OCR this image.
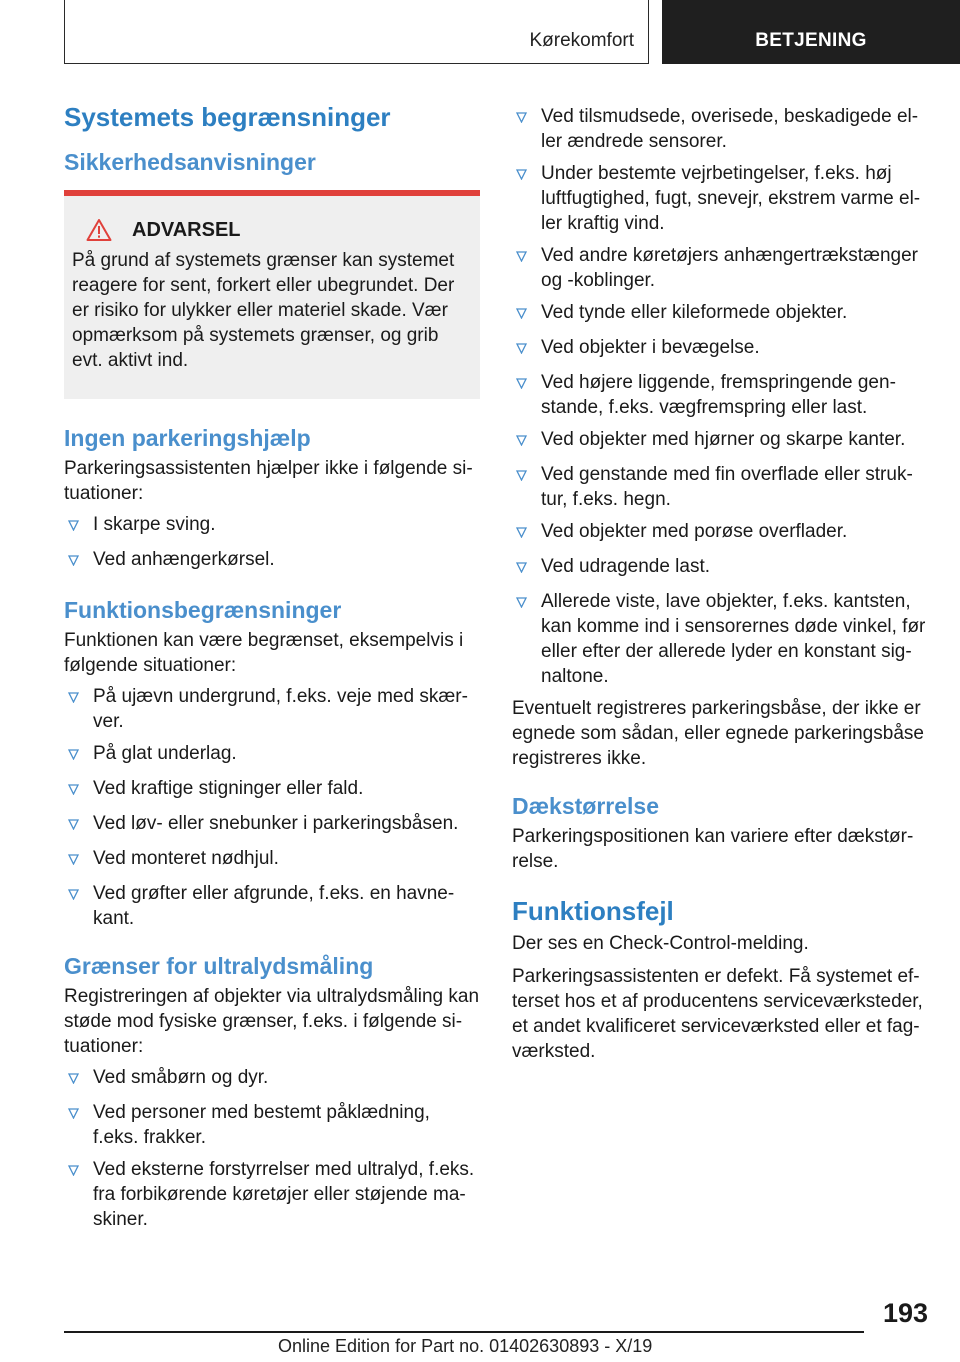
Kørekomfort	BETJENING
Systemets begrænsninger
Sikkerhedsanvisninger
ADVARSEL
På grund af systemets grænser kan systemet reagere for sent, forkert eller ubegrundet. Der er risiko for ulykker eller materiel skade. Vær opmærksom på systemets grænser, og grib evt. aktivt ind.
Ingen parkeringshjælp
Parkeringsassistenten hjælper ikke i følgende situationer:
I skarpe sving.
Ved anhængerkørsel.
Funktionsbegrænsninger
Funktionen kan være begrænset, eksempelvis i følgende situationer:
På ujævn undergrund, f.eks. veje med skærver.
På glat underlag.
Ved kraftige stigninger eller fald.
Ved løv- eller snebunker i parkeringsbåsen.
Ved monteret nødhjul.
Ved grøfter eller afgrunde, f.eks. en havnekant.
Grænser for ultralydsmåling
Registreringen af objekter via ultralydsmåling kan støde mod fysiske grænser, f.eks. i følgende situationer:
Ved småbørn og dyr.
Ved personer med bestemt påklædning, f.eks. frakker.
Ved eksterne forstyrrelser med ultralyd, f.eks. fra forbikørende køretøjer eller støjende maskiner.
Ved tilsmudsede, overisede, beskadigede eller ændrede sensorer.
Under bestemte vejrbetingelser, f.eks. høj luftfugtighed, fugt, snevejr, ekstrem varme eller kraftig vind.
Ved andre køretøjers anhængertrækstænger og -koblinger.
Ved tynde eller kileformede objekter.
Ved objekter i bevægelse.
Ved højere liggende, fremspringende genstande, f.eks. vægfremspring eller last.
Ved objekter med hjørner og skarpe kanter.
Ved genstande med fin overflade eller struktur, f.eks. hegn.
Ved objekter med porøse overflader.
Ved udragende last.
Allerede viste, lave objekter, f.eks. kantsten, kan komme ind i sensorernes døde vinkel, før eller efter der allerede lyder en konstant signaltone.
Eventuelt registreres parkeringsbåse, der ikke er egnede som sådan, eller egnede parkeringsbåse registreres ikke.
Dækstørrelse
Parkeringspositionen kan variere efter dækstørrelse.
Funktionsfejl
Der ses en Check-Control-melding.
Parkeringsassistenten er defekt. Få systemet efterset hos et af producentens serviceværksteder, et andet kvalificeret serviceværksted eller et fagværksted.
193
Online Edition for Part no. 01402630893 - X/19
